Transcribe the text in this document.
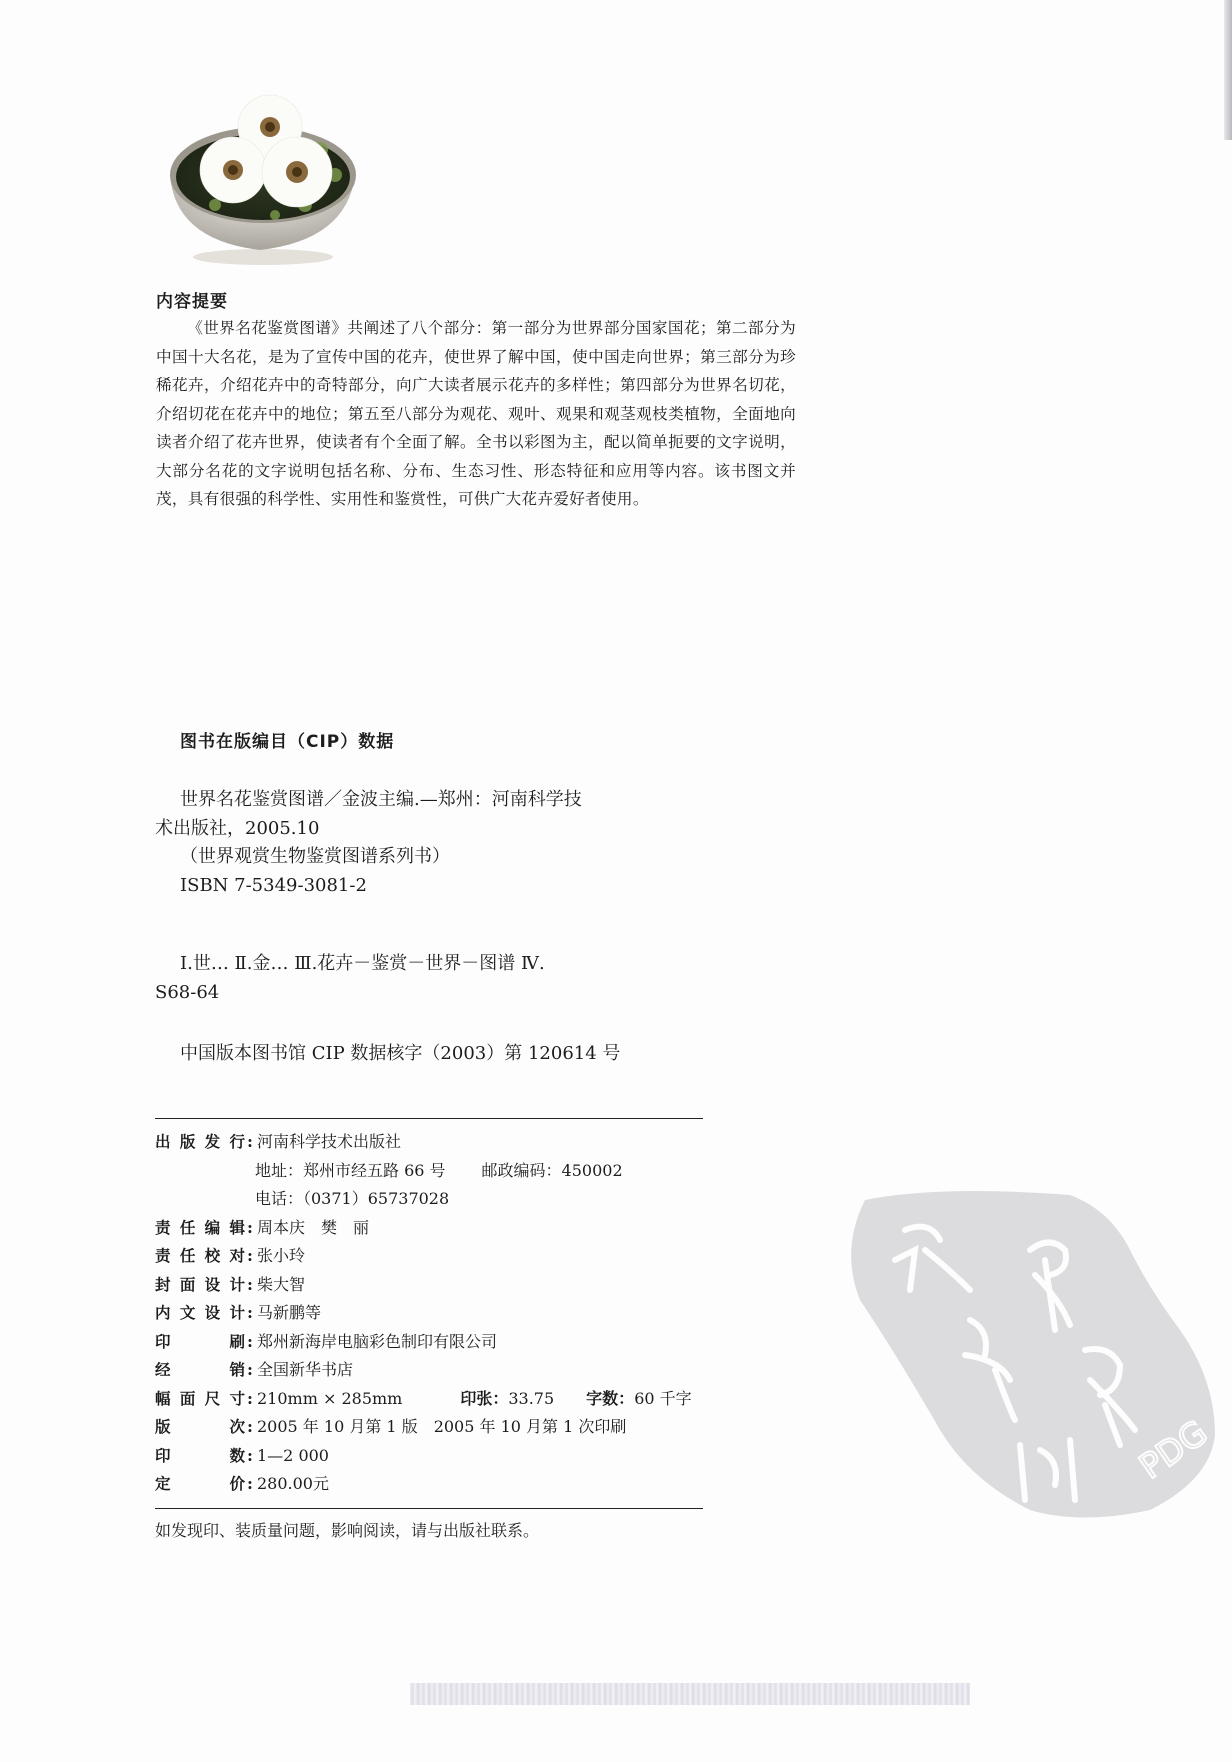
内容提要
《世界名花鉴赏图谱》共阐述了八个部分：第一部分为世界部分国家国花；第二部分为中国十大名花，是为了宣传中国的花卉，使世界了解中国，使中国走向世界；第三部分为珍稀花卉，介绍花卉中的奇特部分，向广大读者展示花卉的多样性；第四部分为世界名切花，介绍切花在花卉中的地位；第五至八部分为观花、观叶、观果和观茎观枝类植物，全面地向读者介绍了花卉世界，使读者有个全面了解。全书以彩图为主，配以简单扼要的文字说明，大部分名花的文字说明包括名称、分布、生态习性、形态特征和应用等内容。该书图文并茂，具有很强的科学性、实用性和鉴赏性，可供广大花卉爱好者使用。
图书在版编目（CIP）数据
世界名花鉴赏图谱／金波主编.—郑州：河南科学技
术出版社，2005.10
（世界观赏生物鉴赏图谱系列书）
ISBN 7-5349-3081-2
Ⅰ.世… Ⅱ.金… Ⅲ.花卉－鉴赏－世界－图谱 Ⅳ.
S68-64
中国版本图书馆 CIP 数据核字（2003）第 120614 号
出 版 发 行 : 河南科学技术出版社
地址：郑州市经五路 66 号 邮政编码：450002
电话：（0371）65737028
责 任 编 辑 : 周本庆　樊　丽
责 任 校 对 : 张小玲
封 面 设 计 : 柴大智
内 文 设 计 : 马新鹏等
印	刷 : 郑州新海岸电脑彩色制印有限公司
经	销 : 全国新华书店
幅 面 尺 寸 : 210mm × 285mm	印张： 33.75 字数： 60 千字
版	次 : 2005 年 10 月第 1 版　2005 年 10 月第 1 次印刷
印	数 : 1—2 000
定	价 : 280.00元
如发现印、装质量问题，影响阅读，请与出版社联系。
PDG
